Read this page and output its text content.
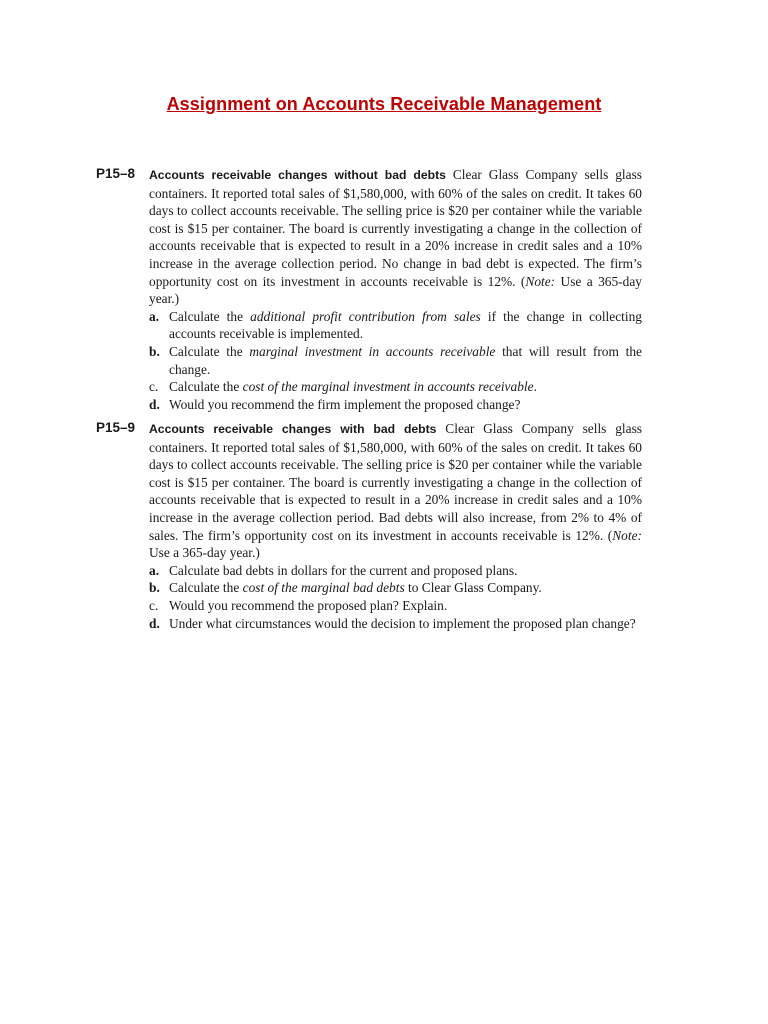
Assignment on Accounts Receivable Management
P15–8 Accounts receivable changes without bad debts Clear Glass Company sells glass containers. It reported total sales of $1,580,000, with 60% of the sales on credit. It takes 60 days to collect accounts receivable. The selling price is $20 per container while the variable cost is $15 per container. The board is currently investigating a change in the collection of accounts receivable that is expected to result in a 20% increase in credit sales and a 10% increase in the average collection period. No change in bad debt is expected. The firm’s opportunity cost on its investment in accounts receivable is 12%. (Note: Use a 365-day year.)
a. Calculate the additional profit contribution from sales if the change in collecting accounts receivable is implemented.
b. Calculate the marginal investment in accounts receivable that will result from the change.
c. Calculate the cost of the marginal investment in accounts receivable.
d. Would you recommend the firm implement the proposed change?
P15–9 Accounts receivable changes with bad debts Clear Glass Company sells glass containers. It reported total sales of $1,580,000, with 60% of the sales on credit. It takes 60 days to collect accounts receivable. The selling price is $20 per container while the variable cost is $15 per container. The board is currently investigating a change in the collection of accounts receivable that is expected to result in a 20% increase in credit sales and a 10% increase in the average collection period. Bad debts will also increase, from 2% to 4% of sales. The firm’s opportunity cost on its investment in accounts receivable is 12%. (Note: Use a 365-day year.)
a. Calculate bad debts in dollars for the current and proposed plans.
b. Calculate the cost of the marginal bad debts to Clear Glass Company.
c. Would you recommend the proposed plan? Explain.
d. Under what circumstances would the decision to implement the proposed plan change?
